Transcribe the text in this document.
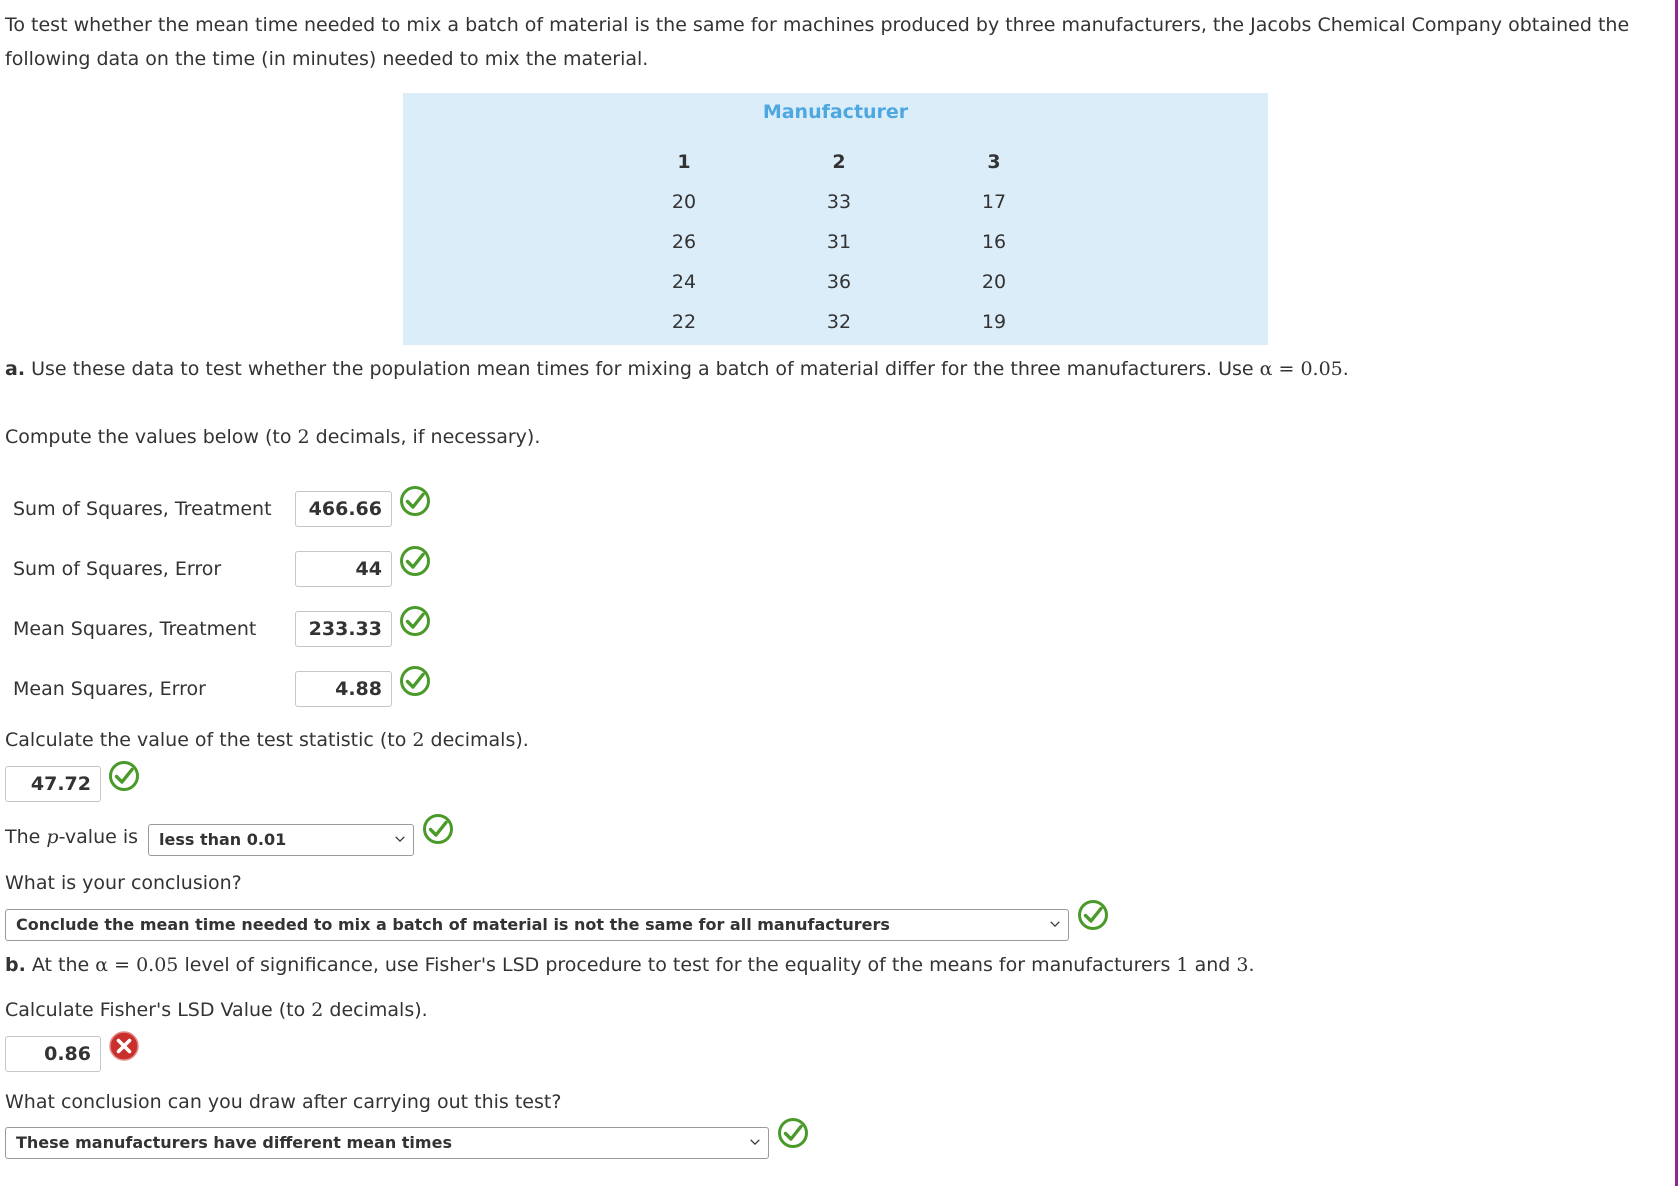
To test whether the mean time needed to mix a batch of material is the same for machines produced by three manufacturers, the Jacobs Chemical Company obtained the following data on the time (in minutes) needed to mix the material.
Manufacturer
1	2	3
20	33	17
26	31	16
24	36	20
22	32	19
a. Use these data to test whether the population mean times for mixing a batch of material differ for the three manufacturers. Use α = 0.05.
Compute the values below (to 2 decimals, if necessary).
Sum of Squares, Treatment	466.66
Sum of Squares, Error	44
Mean Squares, Treatment	233.33
Mean Squares, Error	4.88
Calculate the value of the test statistic (to 2 decimals).
47.72
The p-value is	less than 0.01
What is your conclusion?
Conclude the mean time needed to mix a batch of material is not the same for all manufacturers
b. At the α = 0.05 level of significance, use Fisher's LSD procedure to test for the equality of the means for manufacturers 1 and 3.
Calculate Fisher's LSD Value (to 2 decimals).
0.86
What conclusion can you draw after carrying out this test?
These manufacturers have different mean times
